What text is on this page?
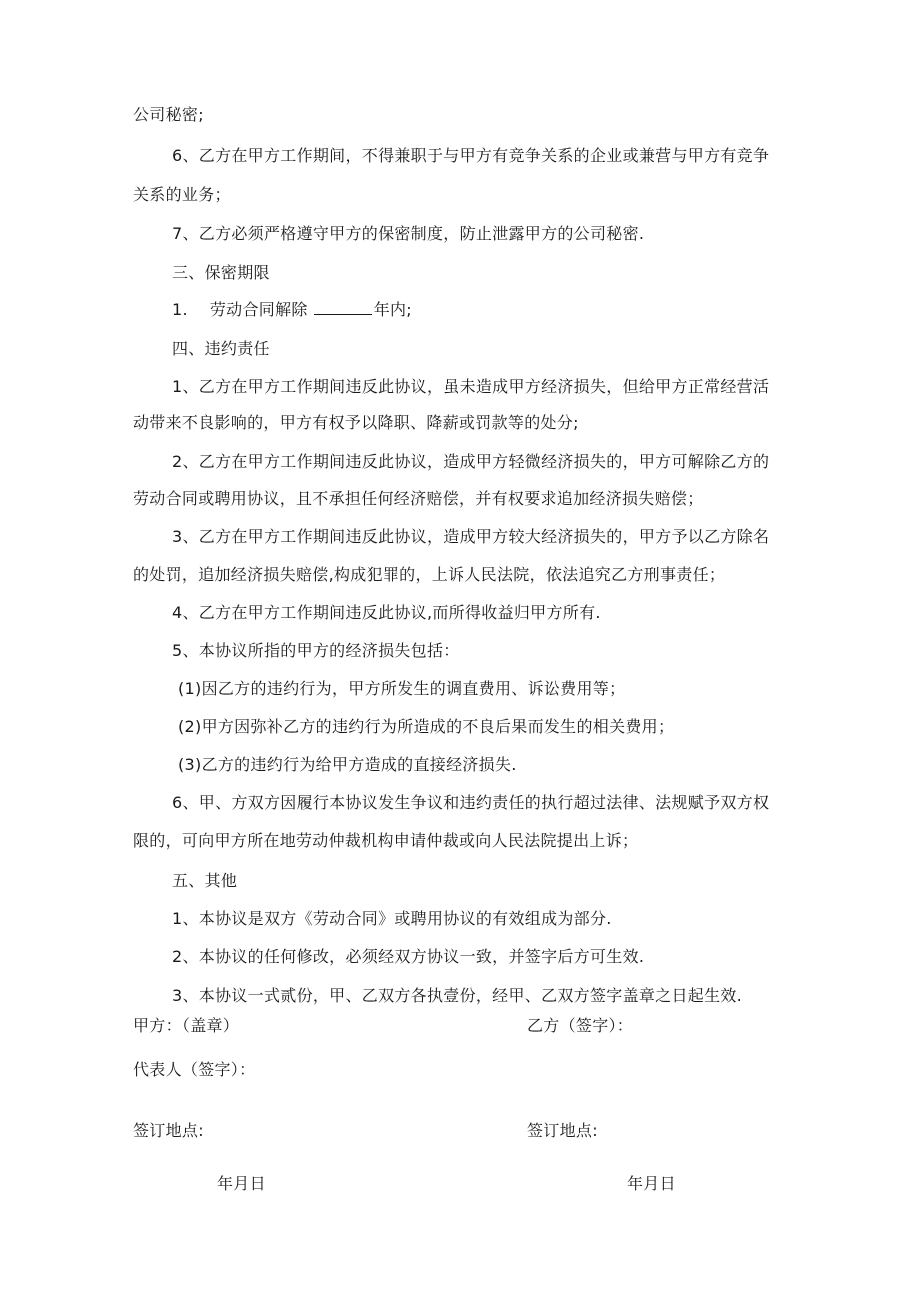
公司秘密;
6、乙方在甲方工作期间，不得兼职于与甲方有竞争关系的企业或兼营与甲方有竞争
关系的业务；
7、乙方必须严格遵守甲方的保密制度，防止泄露甲方的公司秘密.
三、保密期限
1. 劳动合同解除	年内;
四、违约责任
1、乙方在甲方工作期间违反此协议，虽未造成甲方经济损失，但给甲方正常经营活
动带来不良影响的，甲方有权予以降职、降薪或罚款等的处分;
2、乙方在甲方工作期间违反此协议，造成甲方轻微经济损失的，甲方可解除乙方的
劳动合同或聘用协议，且不承担任何经济赔偿，并有权要求追加经济损失赔偿；
3、乙方在甲方工作期间违反此协议，造成甲方较大经济损失的，甲方予以乙方除名
的处罚，追加经济损失赔偿,构成犯罪的，上诉人民法院，依法追究乙方刑事责任；
4、乙方在甲方工作期间违反此协议,而所得收益归甲方所有.
5、本协议所指的甲方的经济损失包括：
(1)因乙方的违约行为，甲方所发生的调直费用、诉讼费用等；
(2)甲方因弥补乙方的违约行为所造成的不良后果而发生的相关费用；
(3)乙方的违约行为给甲方造成的直接经济损失.
6、甲、方双方因履行本协议发生争议和违约责任的执行超过法律、法规赋予双方权
限的，可向甲方所在地劳动仲裁机构申请仲裁或向人民法院提出上诉；
五、其他
1、本协议是双方《劳动合同》或聘用协议的有效组成为部分.
2、本协议的任何修改，必须经双方协议一致，并签字后方可生效.
3、本协议一式贰份，甲、乙双方各执壹份，经甲、乙双方签字盖章之日起生效.
甲方：（盖章）	乙方（签字）：
代表人（签字）：
签订地点:	签订地点:
年月日	年月日
